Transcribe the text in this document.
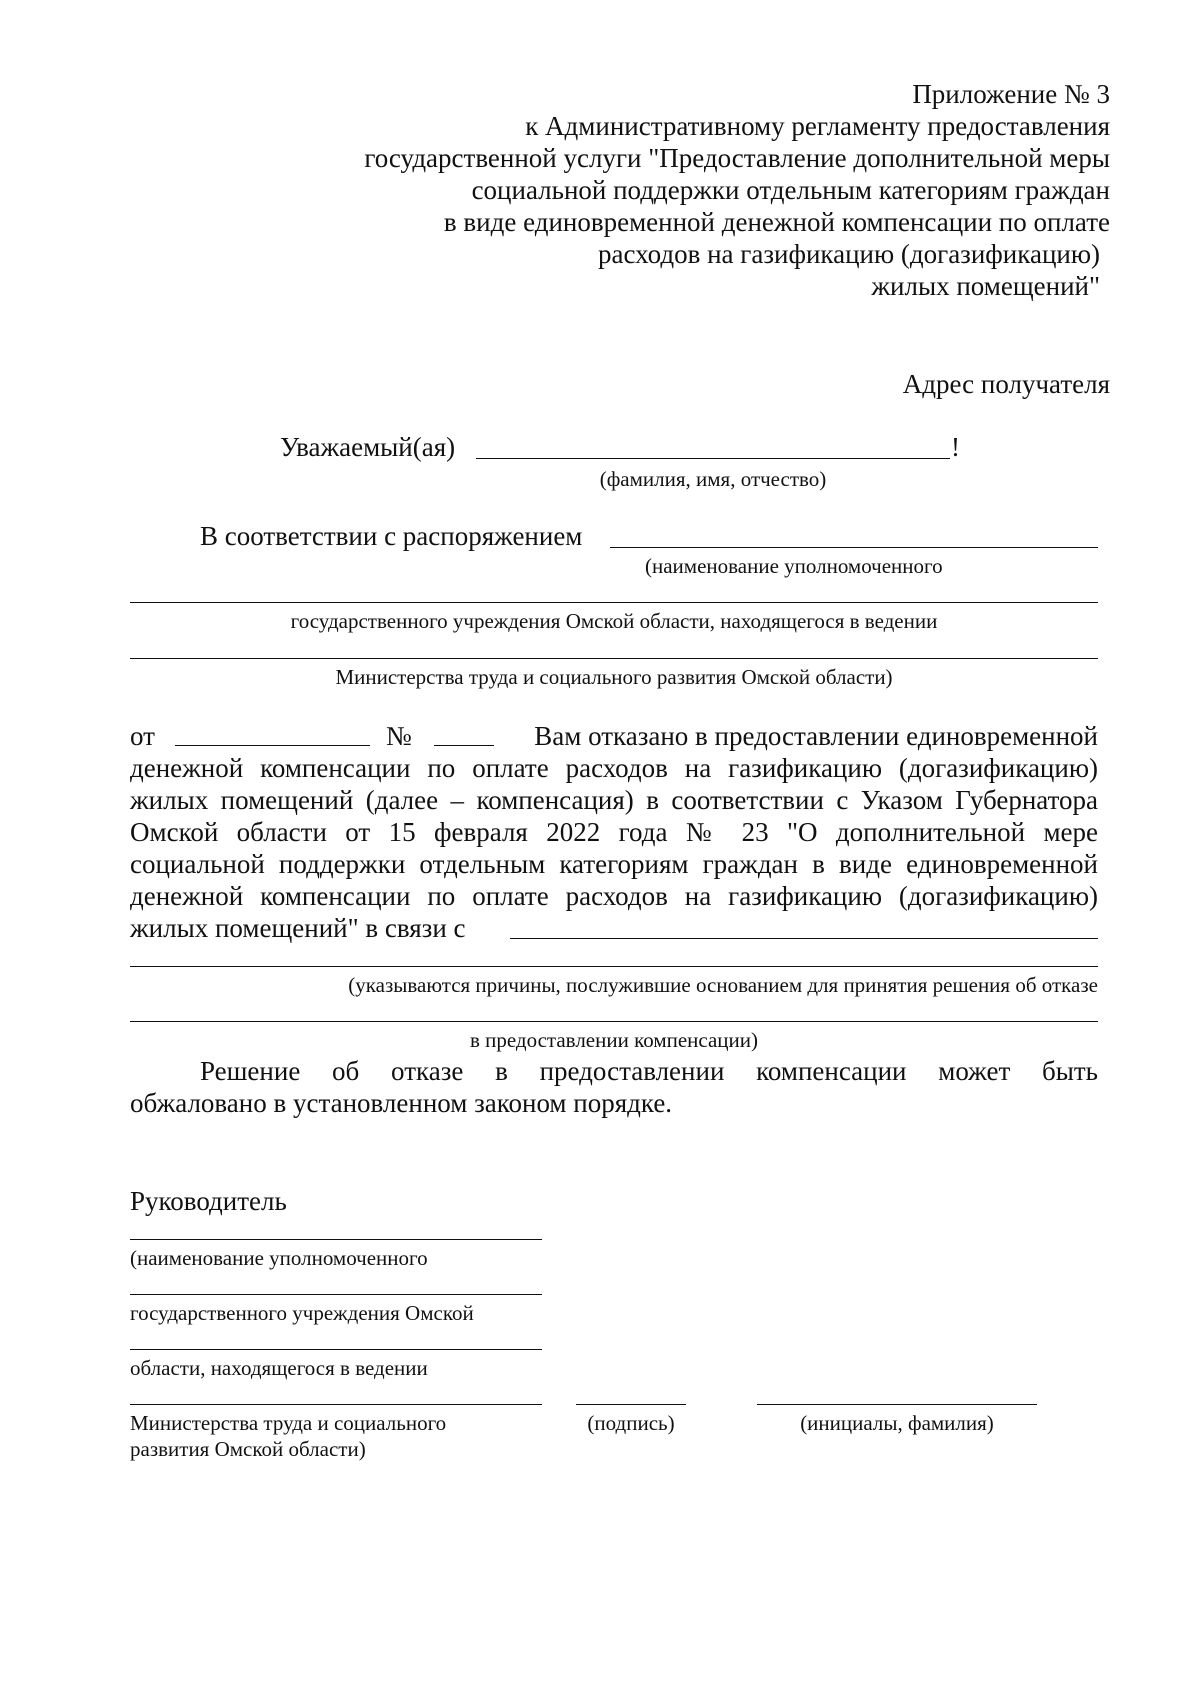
Приложение № 3
к Административному регламенту предоставления
государственной услуги "Предоставление дополнительной меры
социальной поддержки отдельным категориям граждан
в виде единовременной денежной компенсации по оплате
расходов на газификацию (догазификацию)
жилых помещений"
Адрес получателя
Уважаемый(ая)	!
(фамилия, имя, отчество)
В соответствии с распоряжением
(наименование уполномоченного
государственного учреждения Омской области, находящегося в ведении
Министерства труда и социального развития Омской области)
от	№	Вам отказано в предоставлении единовременной
денежной компенсации по оплате расходов на газификацию (догазификацию)
жилых помещений (далее – компенсация) в соответствии с Указом Губернатора
Омской области от 15 февраля 2022 года № 23 "О дополнительной мере
социальной поддержки отдельным категориям граждан в виде единовременной
денежной компенсации по оплате расходов на газификацию (догазификацию)
жилых помещений" в связи с
(указываются причины, послужившие основанием для принятия решения об отказе
в предоставлении компенсации)
Решение об отказе в предоставлении компенсации может быть
обжаловано в установленном законом порядке.
Руководитель
(наименование уполномоченного
государственного учреждения Омской
области, находящегося в ведении
Министерства труда и социального
развития Омской области)
(подпись)	(инициалы, фамилия)
